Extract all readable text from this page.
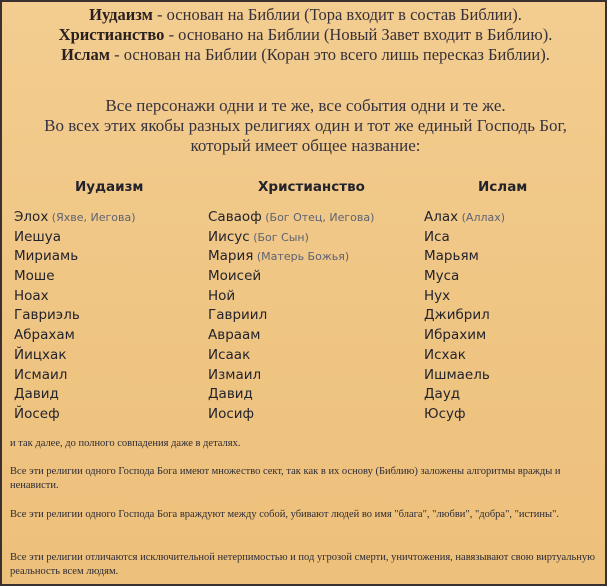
Иудаизм - основан на Библии (Тора входит в состав Библии).
Христианство - основано на Библии (Новый Завет входит в Библию).
Ислам - основан на Библии (Коран это всего лишь пересказ Библии).
Все персонажи одни и те же, все события одни и те же.
Во всех этих якобы разных религиях один и тот же единый Господь Бог,
который имеет общее название:
Иудаизм	Христианство	Ислам
Элох (Яхве, Иегова)
Иешуа
Мириамь
Моше
Ноах
Гавриэль
Абрахам
Йицхак
Исмаил
Давид
Йосеф
Саваоф (Бог Отец, Иегова)
Иисус (Бог Сын)
Мария (Матерь Божья)
Моисей
Ной
Гавриил
Авраам
Исаак
Измаил
Давид
Иосиф
Алах (Аллах)
Иса
Марьям
Муса
Нух
Джибрил
Ибрахим
Исхак
Ишмаель
Дауд
Юсуф
и так далее, до полного совпадения даже в деталях.
Все эти религии одного Господа Бога имеют множество сект, так как в их основу (Библию) заложены алгоритмы вражды и ненависти.
Все эти религии одного Господа Бога враждуют между собой, убивают людей во имя "блага", "любви", "добра", "истины".
Все эти религии отличаются исключительной нетерпимостью и под угрозой смерти, уничтожения, навязывают свою виртуальную реальность всем людям.
